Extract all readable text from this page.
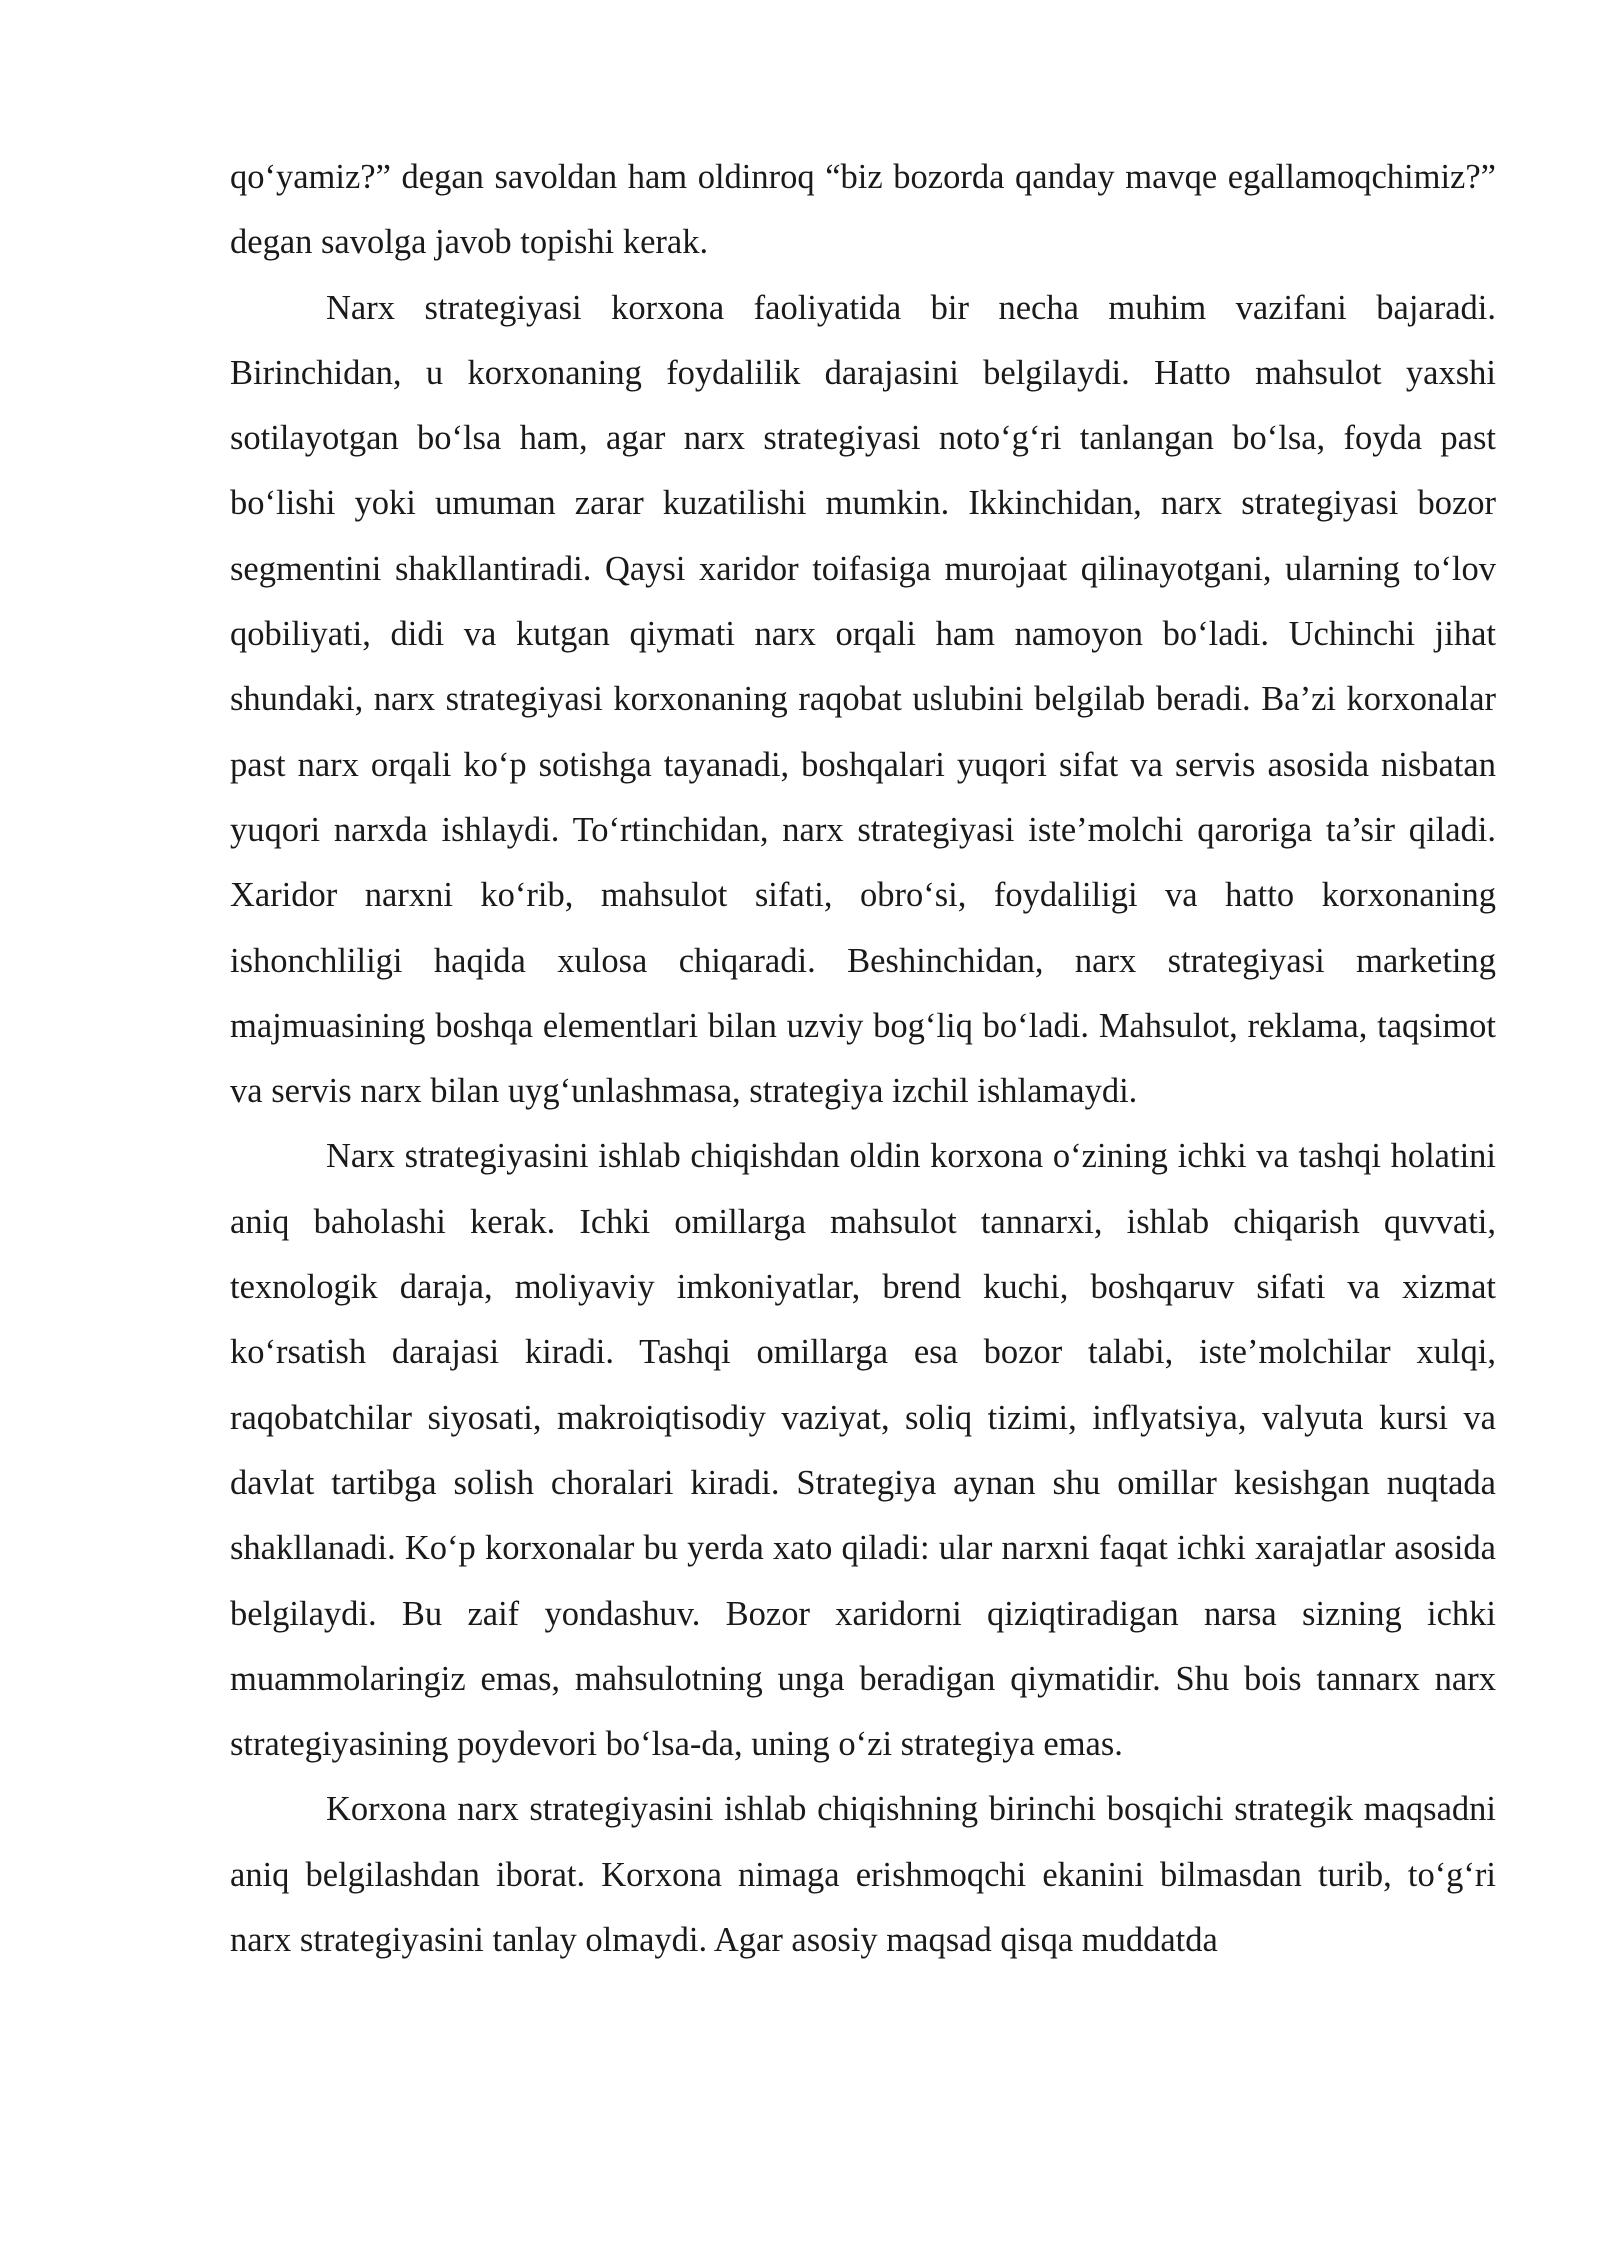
qo‘yamiz?” degan savoldan ham oldinroq “biz bozorda qanday mavqe egallamoqchimiz?” degan savolga javob topishi kerak.

Narx strategiyasi korxona faoliyatida bir necha muhim vazifani bajaradi. Birinchidan, u korxonaning foydalilik darajasini belgilaydi. Hatto mahsulot yaxshi sotilayotgan bo‘lsa ham, agar narx strategiyasi noto‘g‘ri tanlangan bo‘lsa, foyda past bo‘lishi yoki umuman zarar kuzatilishi mumkin. Ikkinchidan, narx strategiyasi bozor segmentini shakllantiradi. Qaysi xaridor toifasiga murojaat qilinayotgani, ularning to‘lov qobiliyati, didi va kutgan qiymati narx orqali ham namoyon bo‘ladi. Uchinchi jihat shundaki, narx strategiyasi korxonaning raqobat uslubini belgilab beradi. Ba’zi korxonalar past narx orqali ko‘p sotishga tayanadi, boshqalari yuqori sifat va servis asosida nisbatan yuqori narxda ishlaydi. To‘rtinchidan, narx strategiyasi iste’molchi qaroriga ta’sir qiladi. Xaridor narxni ko‘rib, mahsulot sifati, obro‘si, foydaliligi va hatto korxonaning ishonchliligi haqida xulosa chiqaradi. Beshinchidan, narx strategiyasi marketing majmuasining boshqa elementlari bilan uzviy bog‘liq bo‘ladi. Mahsulot, reklama, taqsimot va servis narx bilan uyg‘unlashmasa, strategiya izchil ishlamaydi.

Narx strategiyasini ishlab chiqishdan oldin korxona o‘zining ichki va tashqi holatini aniq baholashi kerak. Ichki omillarga mahsulot tannarxi, ishlab chiqarish quvvati, texnologik daraja, moliyaviy imkoniyatlar, brend kuchi, boshqaruv sifati va xizmat ko‘rsatish darajasi kiradi. Tashqi omillarga esa bozor talabi, iste’molchilar xulqi, raqobatchilar siyosati, makroiqtisodiy vaziyat, soliq tizimi, inflyatsiya, valyuta kursi va davlat tartibga solish choralari kiradi. Strategiya aynan shu omillar kesishgan nuqtada shakllanadi. Ko‘p korxonalar bu yerda xato qiladi: ular narxni faqat ichki xarajatlar asosida belgilaydi. Bu zaif yondashuv. Bozor xaridorni qiziqtiradigan narsa sizning ichki muammolaringiz emas, mahsulotning unga beradigan qiymatidir. Shu bois tannarx narx strategiyasining poydevori bo‘lsa-da, uning o‘zi strategiya emas.

Korxona narx strategiyasini ishlab chiqishning birinchi bosqichi strategik maqsadni aniq belgilashdan iborat. Korxona nimaga erishmoqchi ekanini bilmasdan turib, to‘g‘ri narx strategiyasini tanlay olmaydi. Agar asosiy maqsad qisqa muddatda
